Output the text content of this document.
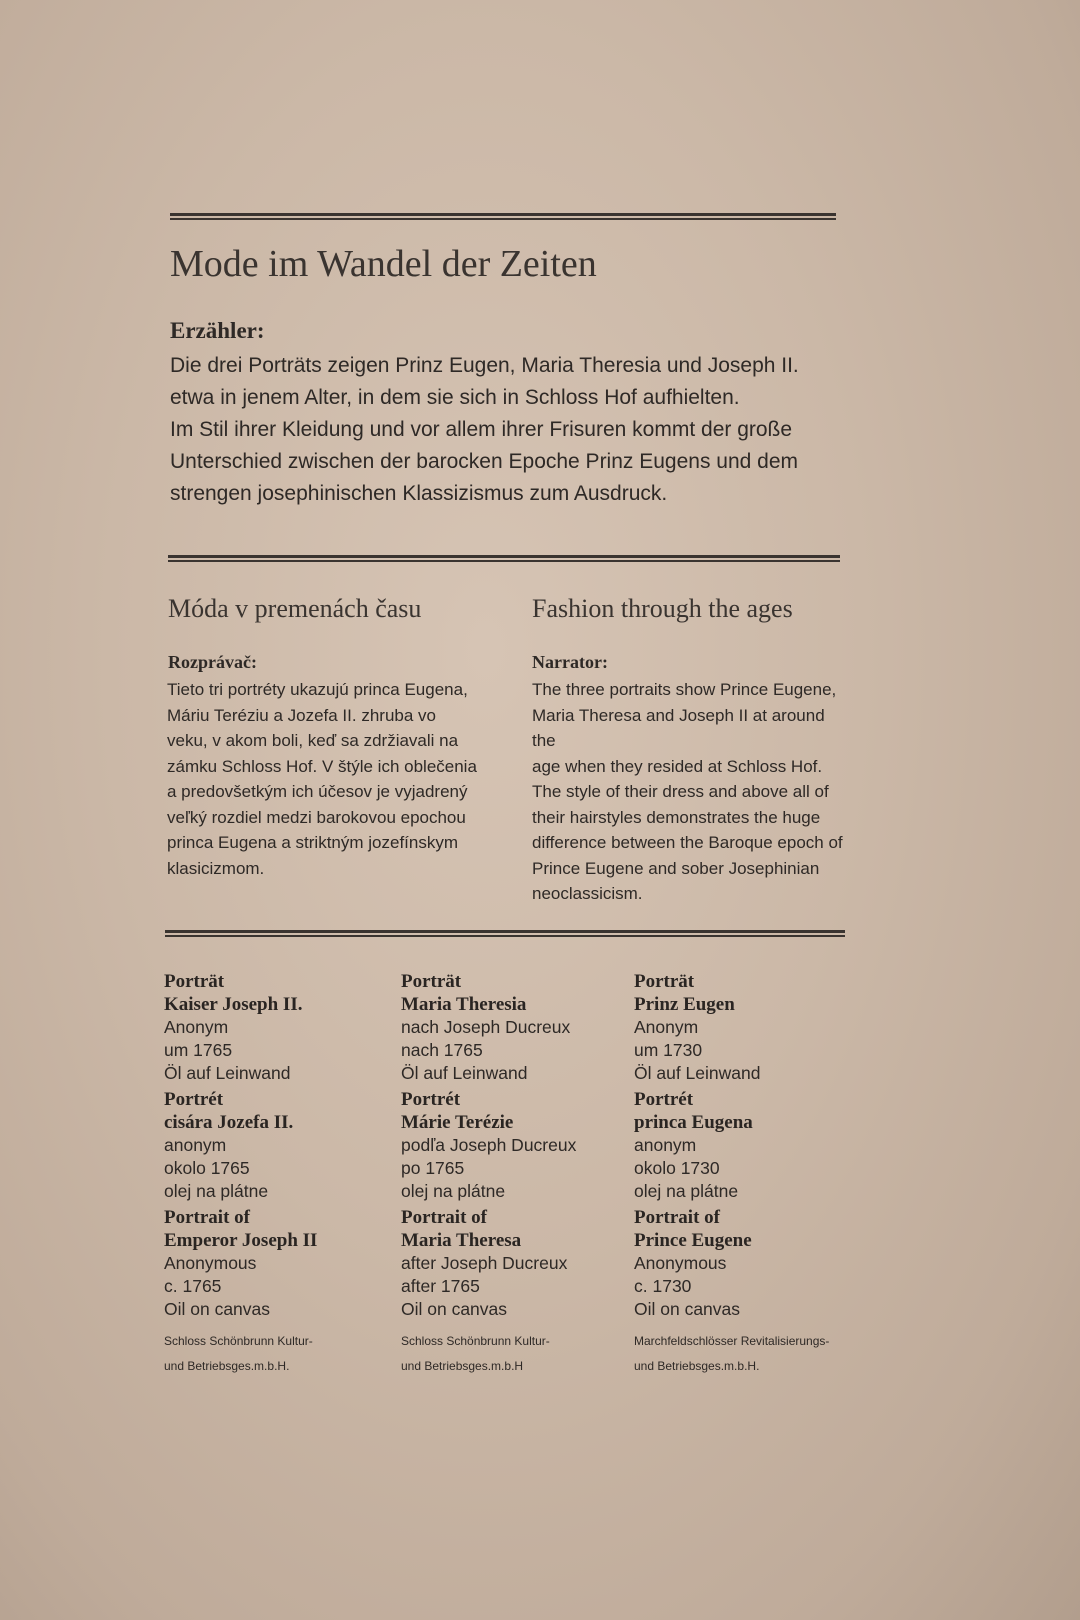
Mode im Wandel der Zeiten
Erzähler:
Die drei Porträts zeigen Prinz Eugen, Maria Theresia und Joseph II.
etwa in jenem Alter, in dem sie sich in Schloss Hof aufhielten.
Im Stil ihrer Kleidung und vor allem ihrer Frisuren kommt der große
Unterschied zwischen der barocken Epoche Prinz Eugens und dem
strengen josephinischen Klassizismus zum Ausdruck.
Móda v premenách času
Rozprávač:
Tieto tri portréty ukazujú princa Eugena,
Máriu Teréziu a Jozefa II. zhruba vo
veku, v akom boli, keď sa zdržiavali na
zámku Schloss Hof. V štýle ich oblečenia
a predovšetkým ich účesov je vyjadrený
veľký rozdiel medzi barokovou epochou
princa Eugena a striktným jozefínskym
klasicizmom.
Fashion through the ages
Narrator:
The three portraits show Prince Eugene,
Maria Theresa and Joseph II at around the
age when they resided at Schloss Hof.
The style of their dress and above all of
their hairstyles demonstrates the huge
difference between the Baroque epoch of
Prince Eugene and sober Josephinian
neoclassicism.
Porträt
Kaiser Joseph II.
Anonym
um 1765
Öl auf Leinwand
Portrét
cisára Jozefa II.
anonym
okolo 1765
olej na plátne
Portrait of
Emperor Joseph II
Anonymous
c. 1765
Oil on canvas
Schloss Schönbrunn Kultur-
und Betriebsges.m.b.H.
Porträt
Maria Theresia
nach Joseph Ducreux
nach 1765
Öl auf Leinwand
Portrét
Márie Terézie
podľa Joseph Ducreux
po 1765
olej na plátne
Portrait of
Maria Theresa
after Joseph Ducreux
after 1765
Oil on canvas
Schloss Schönbrunn Kultur-
und Betriebsges.m.b.H
Porträt
Prinz Eugen
Anonym
um 1730
Öl auf Leinwand
Portrét
princa Eugena
anonym
okolo 1730
olej na plátne
Portrait of
Prince Eugene
Anonymous
c. 1730
Oil on canvas
Marchfeldschlösser Revitalisierungs-
und Betriebsges.m.b.H.
